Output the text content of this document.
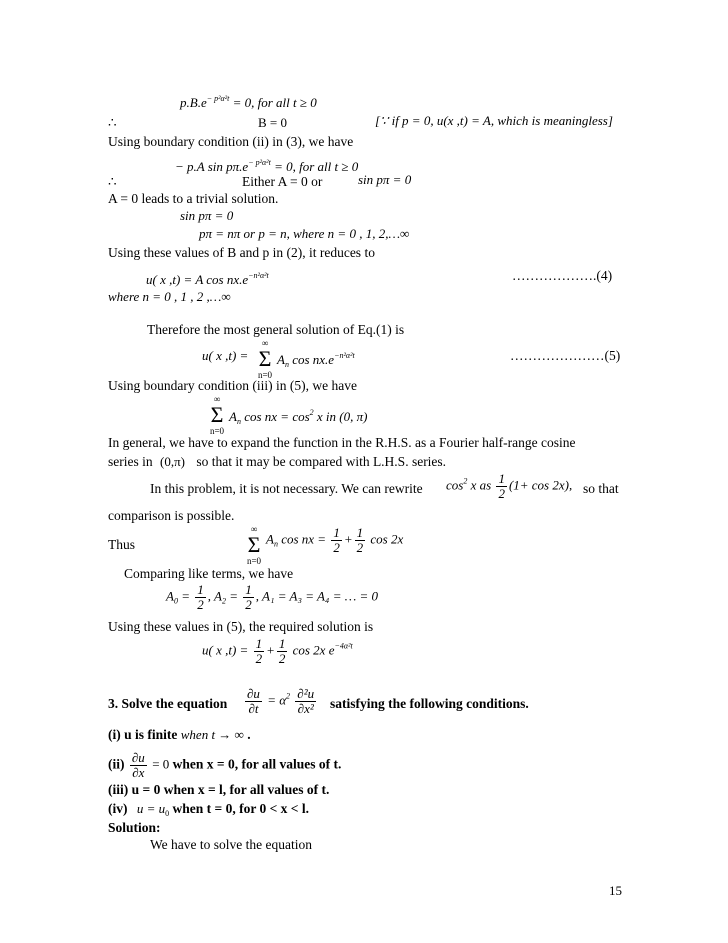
$p.B.e^{- p^2\alpha^2t} = 0$, for all t ≥ 0
∴	B = 0	[∵ if p = 0, u(x ,t) = A, which is meaningless]
Using boundary condition (ii) in (3), we have
− p.A $\sin p\pi.e^{- p^2\alpha^2t} = 0$, for all t ≥ 0
∴	Either A = 0 or	sin pπ = 0
A = 0 leads to a trivial solution.
sin pπ = 0
pπ = nπ or p = n, where n = 0 , 1, 2,…∞
Using these values of B and p in (2), it reduces to
u( x ,t) = A $\cos nx.e^{-n^2\alpha^2t}$	……………….(4)
where n = 0 , 1 , 2 ,…∞
Therefore the most general solution of Eq.(1) is
u( x ,t) =
∞
Σ
n=0
$A_n$ $\cos nx.e^{-n^2\alpha^2t}$	…………………(5)
Using boundary condition (iii) in (5), we have
∞
Σ
n=0
$A_n$ cos nx = $\cos^2 x$ in (0, π)
In general, we have to expand the function in the R.H.S. as a Fourier half-range cosine
series in (0,π) so that it may be compared with L.H.S. series.
In this problem, it is not necessary. We can rewrite $\cos^2 x$ as $\frac{1}{2} (1+ \cos 2x)$, so that
comparison is possible.
Thus
∞
Σ
n=0
$A_n$ cos nx = $\frac{1}{2} + \frac{1}{2}$ cos 2x
Comparing like terms, we have
$A_0 = \frac{1}{2}$ , $A_2 = \frac{1}{2}$ , A₁ = A₃ = A₄ = … = 0
Using these values in (5), the required solution is
u( x $,t) = \frac{1}{2} + \frac{1}{2}$ cos 2x $e^{-4\alpha^2t}$
3. Solve the equation $\frac{\partial u}{\partial t} = \alpha^2 \frac{\text{∂²u}}{\text{∂x²}}$ satisfying the following conditions.
(i) u is finite when t → ∞ .
$(ii) \frac{\partial u}{\partial x} = 0$ when x = 0, for all values of t.
(iii) u = 0 when x = l, for all values of t.
(iv) $u = u_0$ when t = 0, for 0 < x < l.
Solution:
We have to solve the equation
15
